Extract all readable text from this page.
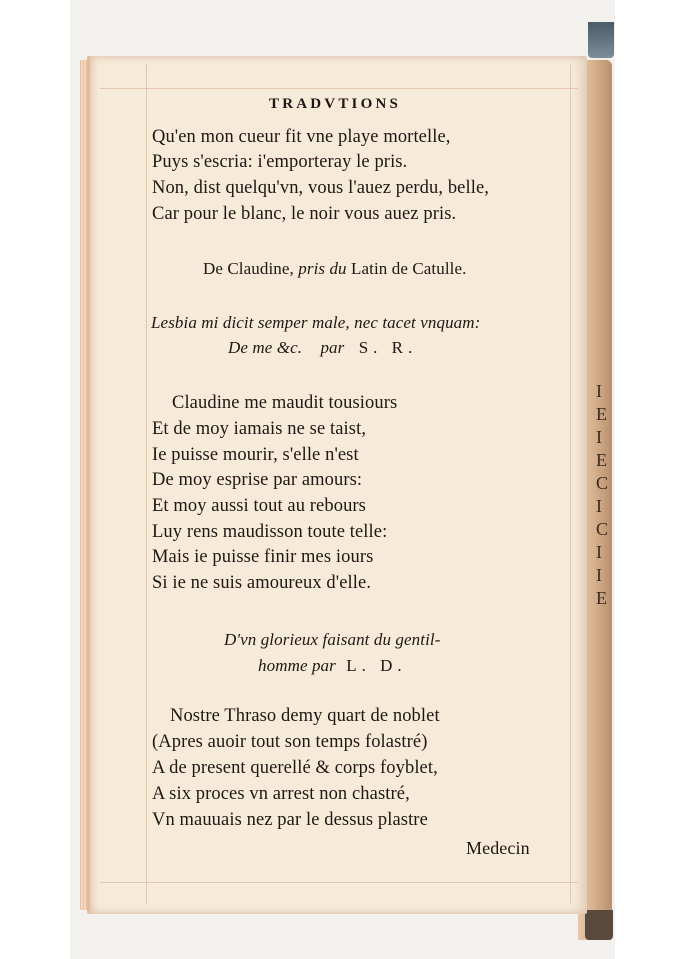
I
E
I
E
C
I
C
I
I
E
TRADVTIONS
Qu'en mon cueur fit vne playe mortelle,
Puys s'escria: i'emporteray le pris.
Non, dist quelqu'vn, vous l'auez perdu, belle,
Car pour le blanc, le noir vous auez pris.
De Claudine, pris du Latin de Catulle.
Lesbia mi dicit semper male, nec tacet vnquam:
De me &c. par S. R.
Claudine me maudit tousiours
Et de moy iamais ne se taist,
Ie puisse mourir, s'elle n'est
De moy esprise par amours:
Et moy aussi tout au rebours
Luy rens maudisson toute telle:
Mais ie puisse finir mes iours
Si ie ne suis amoureux d'elle.
D'vn glorieux faisant du gentil-
homme par L. D.
Nostre Thraso demy quart de noblet
(Apres auoir tout son temps folastré)
A de present querellé & corps foyblet,
A six proces vn arrest non chastré,
Vn mauuais nez par le dessus plastre
Medecin
